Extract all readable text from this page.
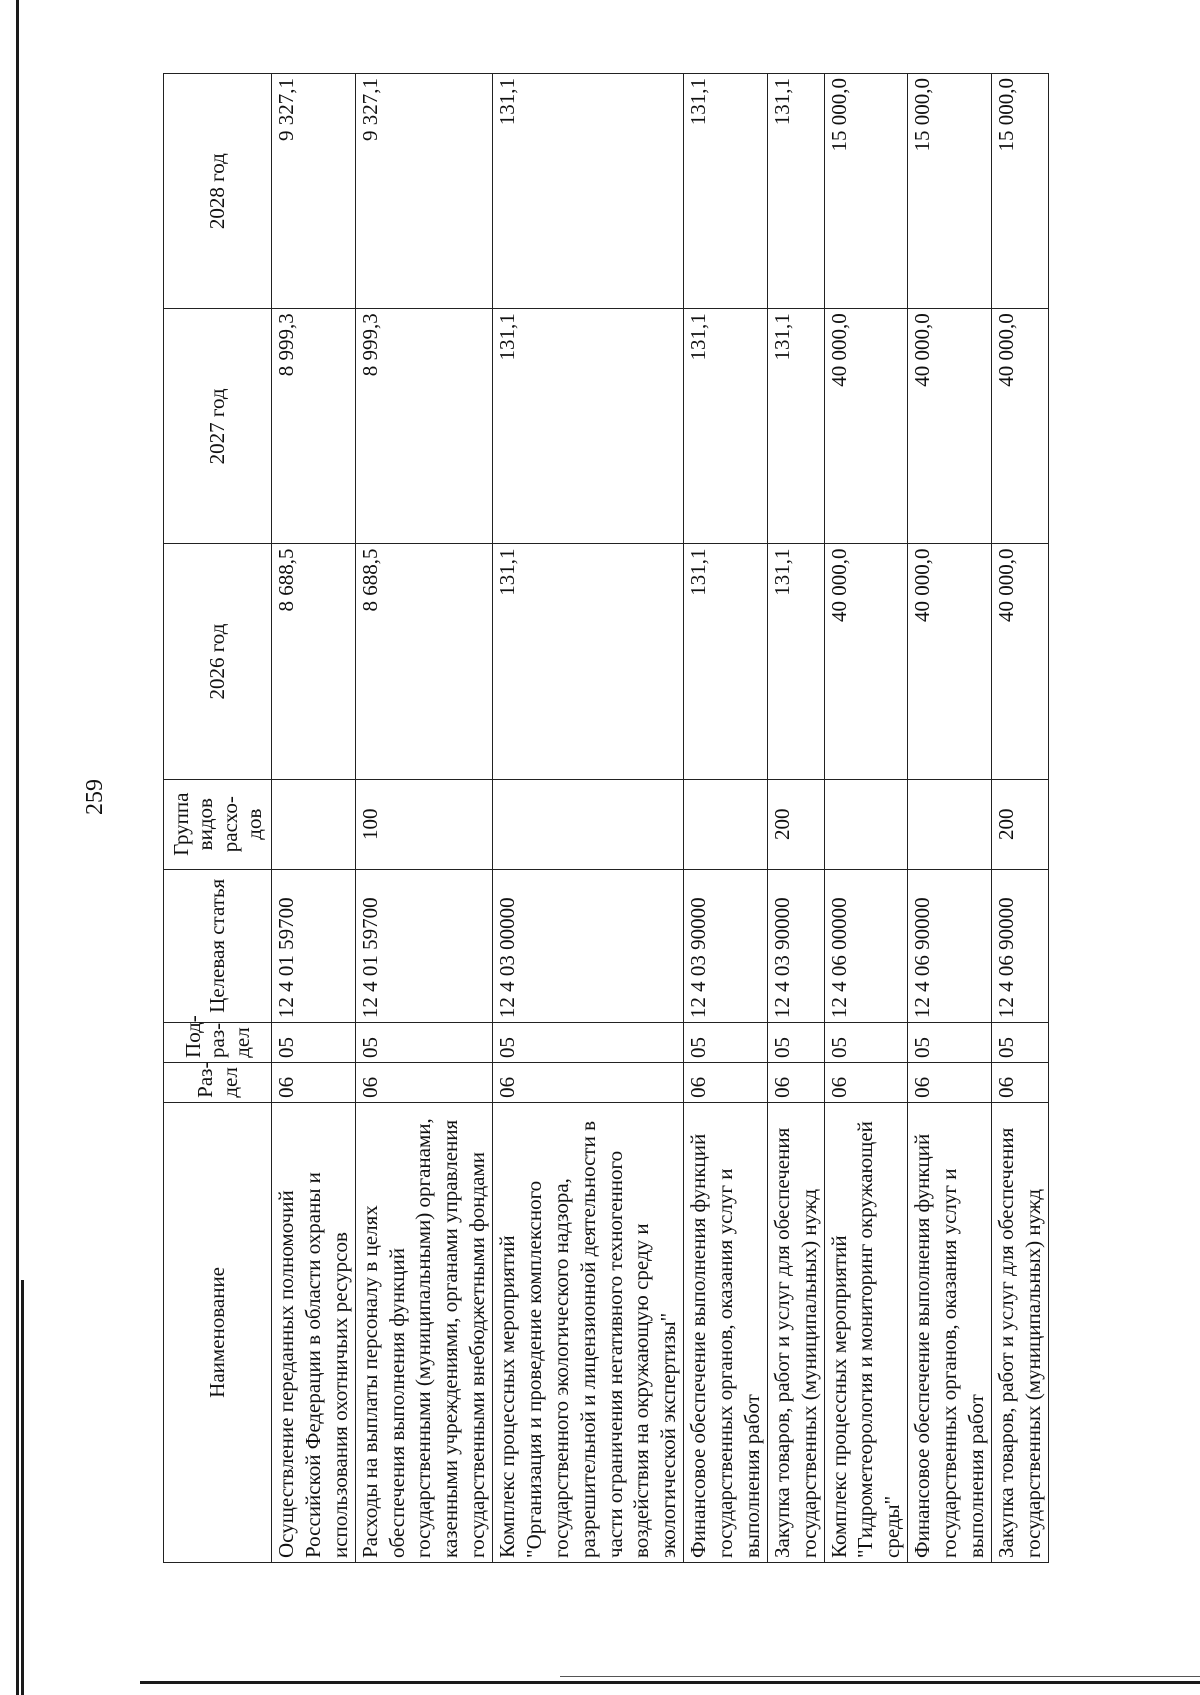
259
Наименование	Раз-дел	Под-раз-дел	Целевая статья	Группа видов расхо-дов	2026 год	2027 год	2028 год
Осуществление переданных полномочий Российской Федерации в области охраны и использования охотничьих ресурсов	06	05	12 4 01 59700		8 688,5	8 999,3	9 327,1
Расходы на выплаты персоналу в целях обеспечения выполнения функций государственными (муниципальными) органами, казенными учреждениями, органами управления государственными внебюджетными фондами	06	05	12 4 01 59700	100	8 688,5	8 999,3	9 327,1
Комплекс процессных мероприятий "Организация и проведение комплексного государственного экологического надзора, разрешительной и лицензионной деятельности в части ограничения негативного техногенного воздействия на окружающую среду и экологической экспертизы"	06	05	12 4 03 00000		131,1	131,1	131,1
Финансовое обеспечение выполнения функций государственных органов, оказания услуг и выполнения работ	06	05	12 4 03 90000		131,1	131,1	131,1
Закупка товаров, работ и услуг для обеспечения государственных (муниципальных) нужд	06	05	12 4 03 90000	200	131,1	131,1	131,1
Комплекс процессных мероприятий "Гидрометеорология и мониторинг окружающей среды"	06	05	12 4 06 00000		40 000,0	40 000,0	15 000,0
Финансовое обеспечение выполнения функций государственных органов, оказания услуг и выполнения работ	06	05	12 4 06 90000		40 000,0	40 000,0	15 000,0
Закупка товаров, работ и услуг для обеспечения государственных (муниципальных) нужд	06	05	12 4 06 90000	200	40 000,0	40 000,0	15 000,0
